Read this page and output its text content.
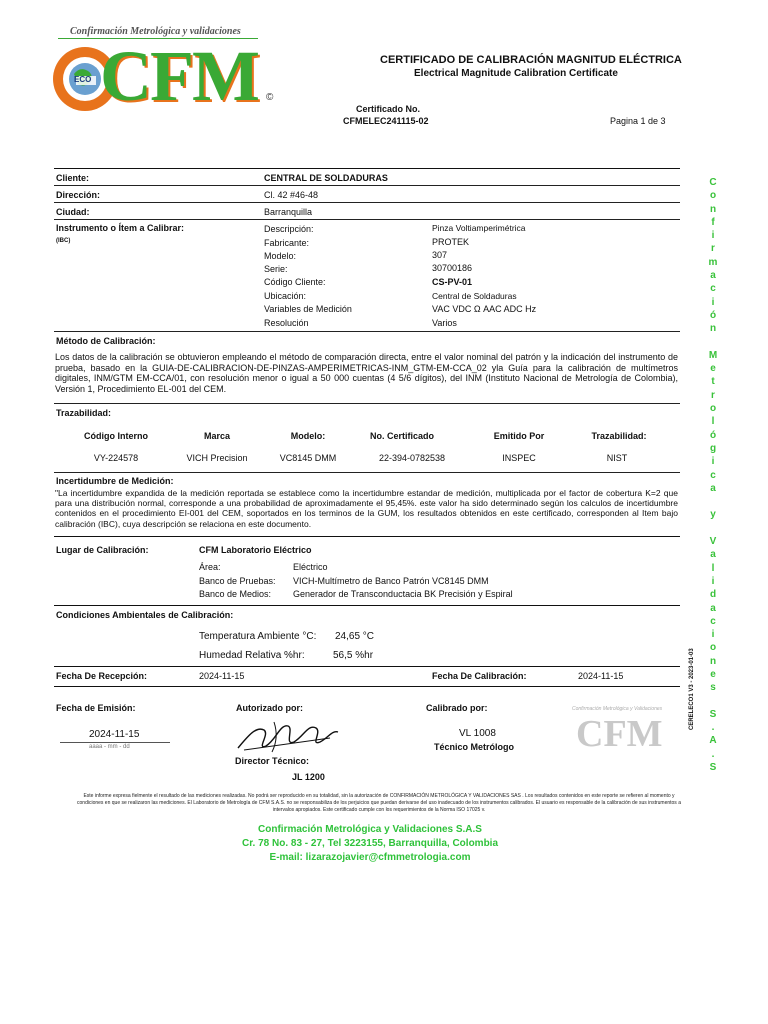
Confirmación Metrológica y validaciones
ECO CFM ©
CERTIFICADO DE CALIBRACIÓN MAGNITUD ELÉCTRICA
Electrical Magnitude Calibration Certificate
Certificado No.
CFMELEC241115-02	Pagina 1 de 3
Cliente:	CENTRAL DE SOLDADURAS
Dirección:	Cl. 42 #46-48
Ciudad:	Barranquilla
Instrumento o Ítem a Calibrar:
(IBC)
Descripción:	Pinza Voltiamperimétrica
Fabricante:	PROTEK
Modelo:	307
Serie:	30700186
Código Cliente:	CS-PV-01
Ubicación:	Central de Soldaduras
Variables de Medición	VAC VDC Ω AAC ADC Hz
Resolución	Varios
Método de Calibración:
Los datos de la calibración se obtuvieron empleando el método de comparación directa, entre el valor nominal del patrón y la indicación del instrumento de prueba, basado en la GUIA-DE-CALIBRACION-DE-PINZAS-AMPERIMETRICAS-INM_GTM-EM-CCA_02 yla Guía para la calibración de multímetros digitales, INM/GTM EM-CCA/01, con resolución menor o igual a 50 000 cuentas (4 5/6 dígitos), del INM (Instituto Nacional de Metrología de Colombia), Versión 1, Procedimiento EL-001 del CEM.
Trazabilidad:
Código Interno	Marca	Modelo:	No. Certificado	Emitido Por	Trazabilidad:
VY-224578	VICH Precision	VC8145 DMM	22-394-0782538	INSPEC	NIST
Incertidumbre de Medición:
"La incertidumbre expandida de la medición reportada se establece como la incertidumbre estandar de medición, multiplicada por el factor de cobertura K=2 que para una distribución normal, corresponde a una probabilidad de aproximadamente el 95,45%. este valor ha sido determinado según los calculos de incertidumbre contenidos en el procedimiento EI-001 del CEM, soportados en los terminos de la GUM, los resultados obtenidos en este certificado, corresponden al Item bajo calibración (IBC), cuya descripción se relaciona en este documento.
Lugar de Calibración:	CFM Laboratorio Eléctrico
Área:	Eléctrico
Banco de Pruebas: VICH-Multímetro de Banco Patrón VC8145 DMM
Banco de Medios: Generador de Transconductacia BK Precisión y Espiral
Condiciones Ambientales de Calibración:
Temperatura Ambiente °C: 24,65 °C
Humedad Relativa %hr:	56,5 %hr
Fecha De Recepción:	2024-11-15	Fecha De Calibración:	2024-11-15
Fecha de Emisión:
2024-11-15
aaaa - mm - dd
Autorizado por:
Director Técnico:
JL 1200
Calibrado por:
VL 1008
Técnico Metrólogo
Confirmación Metrológica y Validaciones
CFM
Este informe expresa fielmente el resultado de las mediciones realizadas. No podrá ser reproducido en su totalidad, sin la autorización de CONFIRMACIÓN METROLÓGICA Y VALIDACIONES SAS . Los resultados contenidos en este reporte se refieren al momento y condiciones en que se realizaron las mediciones. El Laboratorio de Metrología de CFM S.A.S. no se responsabiliza de los perjuicios que puedan derivarse del uso inadecuado de los instrumentos calibrados. El usuario es responsable de la calibración de sus instrumentos a intervalos apropiados. Este certificado cumple con los requerimientos de la Norma ISO 17025 v.
Confirmación Metrológica y Validaciones S.A.S
Cr. 78 No. 83 - 27, Tel 3223155, Barranquilla, Colombia
E-mail: lizarazojavier@cfmmetrologia.com
C
o
n
f
i
r
m
a
c
i
ó
n
M
e
t
r
o
l
ó
g
i
c
a
y
V
a
l
i
d
a
c
i
o
n
e
s
S
.
A
.
S
CERELECO1 V3 - 2023-01-03
